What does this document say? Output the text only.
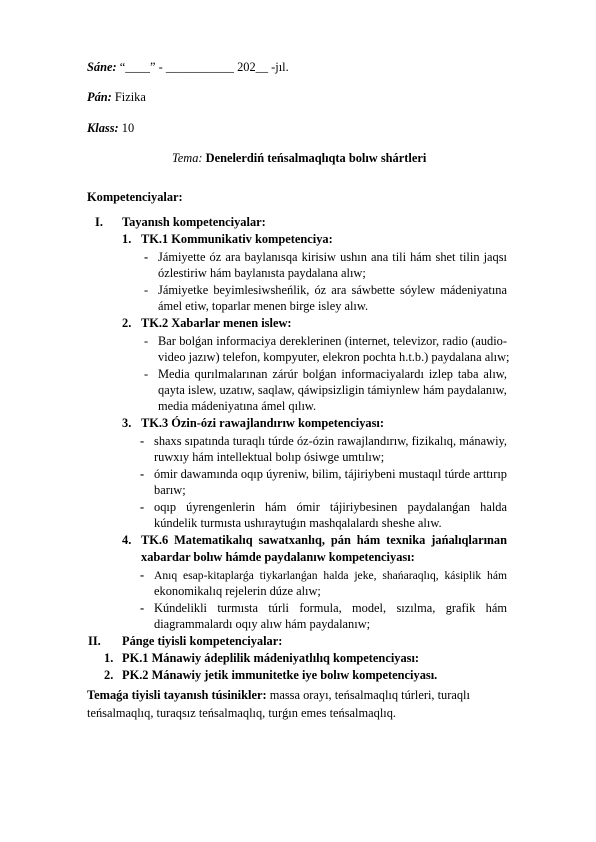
Sáne: “____” - ___________ 202__ -jıl.
Pán: Fizika
Klass: 10
Tema: Denelerdiń teńsalmaqlıqta bolıw shártleri
Kompetenciyalar:
I. Tayanısh kompetenciyalar:
1. TK.1 Kommunikativ kompetenciya:
- Jámiyette óz ara baylanısqa kirisiw ushın ana tili hám shet tilin jaqsı
ózlestiriw hám baylanısta paydalana alıw;
- Jámiyetke beyimlesiwsheńlik, óz ara sáwbette sóylew mádeniyatına
ámel etiw, toparlar menen birge isley alıw.
2. TK.2 Xabarlar menen islew:
- Bar bolǵan informaciya dereklerinen (internet, televizor, radio (audio-
video jazıw) telefon, kompyuter, elekron pochta h.t.b.) paydalana alıw;
- Media qurılmalarınan zárúr bolǵan informaciyalardı izlep taba alıw,
qayta islew, uzatıw, saqlaw, qáwipsizligin támiynlew hám paydalanıw,
media mádeniyatına ámel qılıw.
3. TK.3 Ózin-ózi rawajlandırıw kompetenciyası:
- shaxs sıpatında turaqlı túrde óz-ózin rawajlandırıw, fizikalıq, mánawiy,
ruwxıy hám intellektual bolıp ósiwge umtılıw;
- ómir dawamında oqıp úyreniw, bilim, tájiriybeni mustaqıl túrde arttırıp
barıw;
- oqıp úyrengenlerin hám ómir tájiriybesinen paydalanǵan halda
kúndelik turmısta ushıraytuǵın mashqalalardı sheshe alıw.
4. TK.6 Matematikalıq sawatxanlıq, pán hám texnika jańalıqlarınan
xabardar bolıw hámde paydalanıw kompetenciyası:
- Anıq esap-kitaplarǵa tiykarlanǵan halda jeke, shańaraqlıq, kásiplik hám
ekonomikalıq rejelerin dúze alıw;
- Kúndelikli turmısta túrli formula, model, sızılma, grafik hám
diagrammalardı oqıy alıw hám paydalanıw;
II. Pánge tiyisli kompetenciyalar:
1. PK.1 Mánawiy ádeplilik mádeniyatlılıq kompetenciyası:
2. PK.2 Mánawiy jetik immunitetke iye bolıw kompetenciyası.
Temaǵa tiyisli tayanısh túsinikler: massa orayı, teńsalmaqlıq túrleri, turaqlı
teńsalmaqlıq, turaqsız teńsalmaqlıq, turǵın emes teńsalmaqlıq.
